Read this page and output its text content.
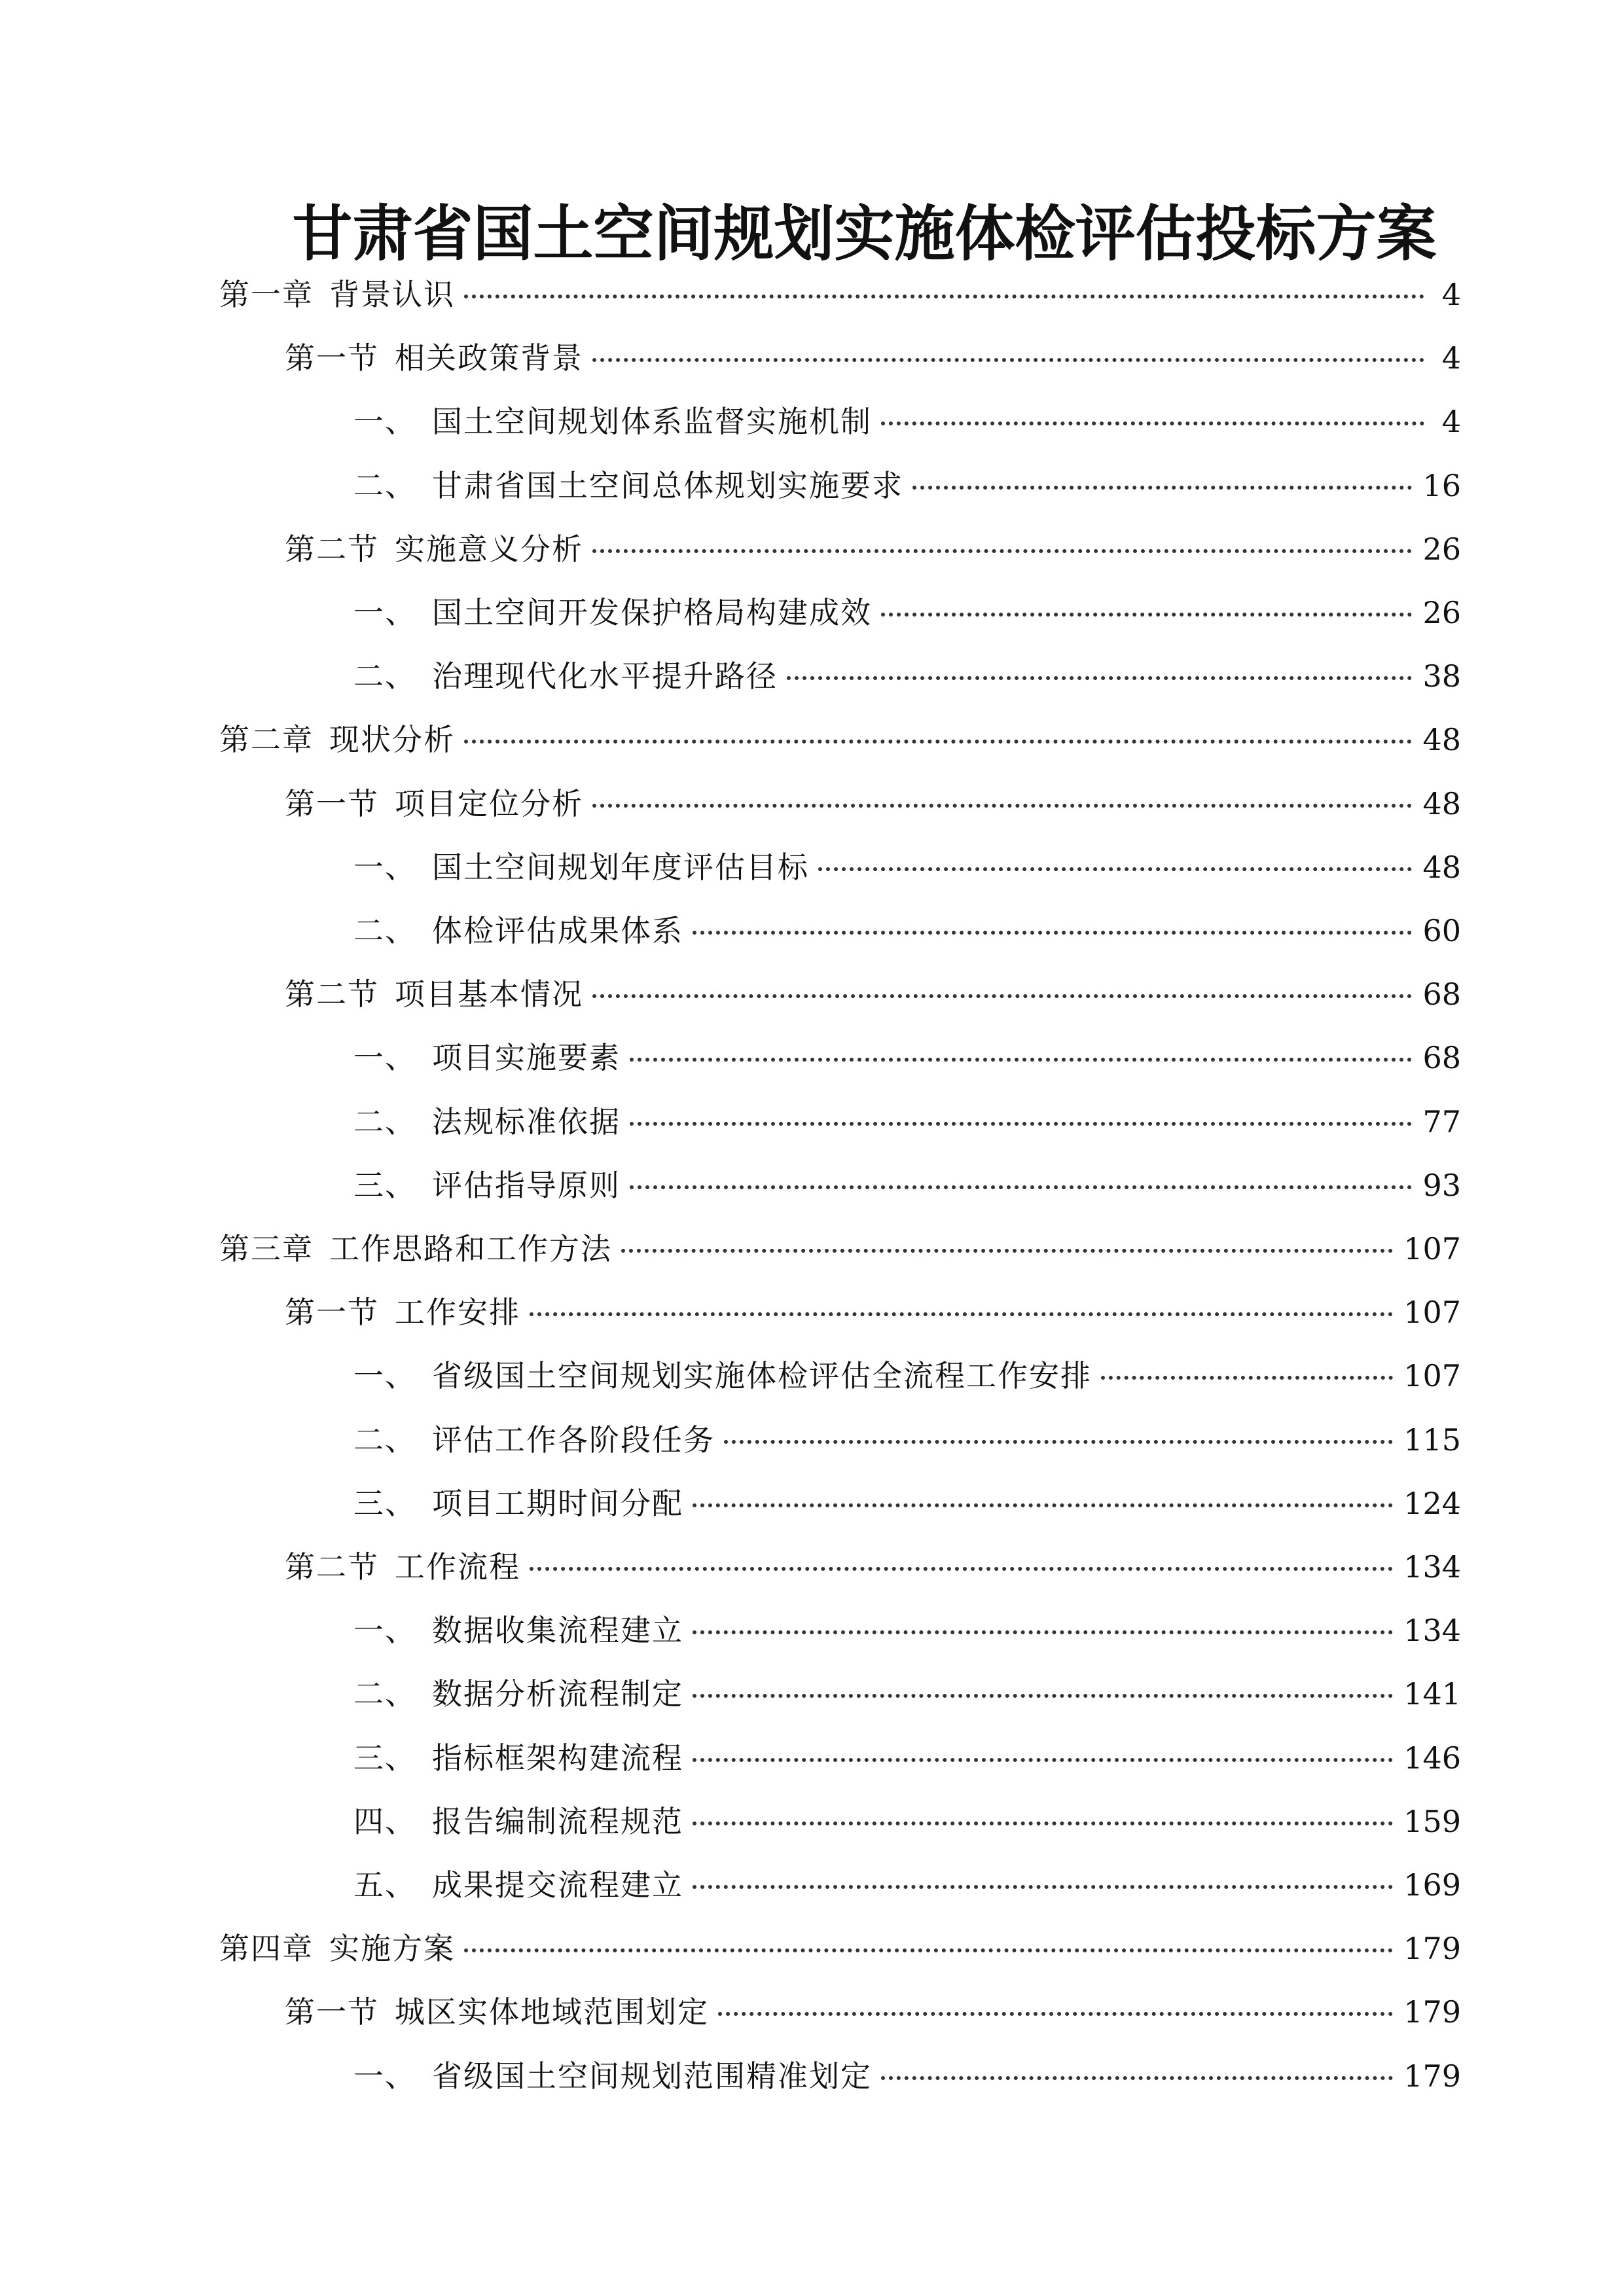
甘肃省国土空间规划实施体检评估投标方案
第一章 背景认识	4
第一节 相关政策背景	4
一、 国土空间规划体系监督实施机制	4
二、 甘肃省国土空间总体规划实施要求	16
第二节 实施意义分析	26
一、 国土空间开发保护格局构建成效	26
二、 治理现代化水平提升路径	38
第二章 现状分析	48
第一节 项目定位分析	48
一、 国土空间规划年度评估目标	48
二、 体检评估成果体系	60
第二节 项目基本情况	68
一、 项目实施要素	68
二、 法规标准依据	77
三、 评估指导原则	93
第三章 工作思路和工作方法	107
第一节 工作安排	107
一、 省级国土空间规划实施体检评估全流程工作安排	107
二、 评估工作各阶段任务	115
三、 项目工期时间分配	124
第二节 工作流程	134
一、 数据收集流程建立	134
二、 数据分析流程制定	141
三、 指标框架构建流程	146
四、 报告编制流程规范	159
五、 成果提交流程建立	169
第四章 实施方案	179
第一节 城区实体地域范围划定	179
一、 省级国土空间规划范围精准划定	179
